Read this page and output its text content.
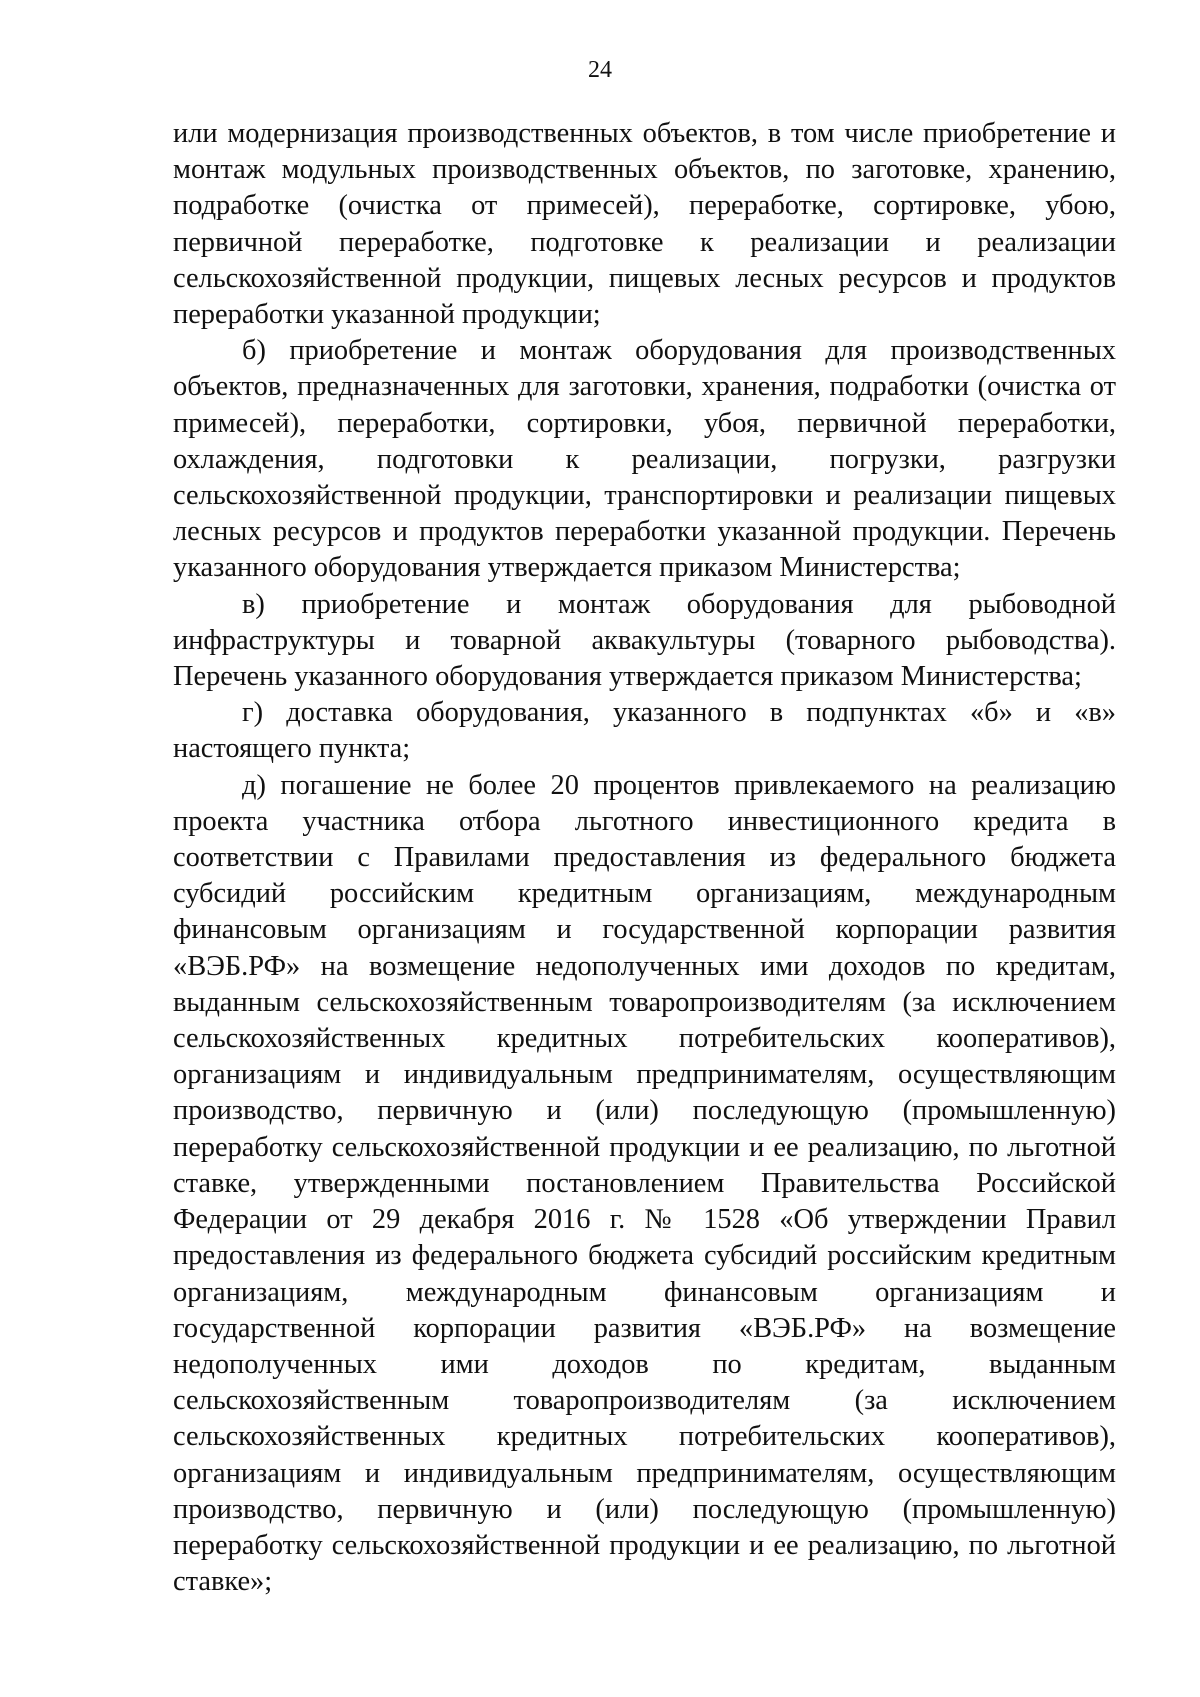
24

или модернизация производственных объектов, в том числе приобретение и монтаж модульных производственных объектов, по заготовке, хранению, подработке (очистка от примесей), переработке, сортировке, убою, первичной переработке, подготовке к реализации и реализации сельскохозяйственной продукции, пищевых лесных ресурсов и продуктов переработки указанной продукции;

б) приобретение и монтаж оборудования для производственных объектов, предназначенных для заготовки, хранения, подработки (очистка от примесей), переработки, сортировки, убоя, первичной переработки, охлаждения, подготовки к реализации, погрузки, разгрузки сельскохозяйственной продукции, транспортировки и реализации пищевых лесных ресурсов и продуктов переработки указанной продукции. Перечень указанного оборудования утверждается приказом Министерства;

в) приобретение и монтаж оборудования для рыбоводной инфраструктуры и товарной аквакультуры (товарного рыбоводства). Перечень указанного оборудования утверждается приказом Министерства;

г) доставка оборудования, указанного в подпунктах «б» и «в» настоящего пункта;

д) погашение не более 20 процентов привлекаемого на реализацию проекта участника отбора льготного инвестиционного кредита в соответствии с Правилами предоставления из федерального бюджета субсидий российским кредитным организациям, международным финансовым организациям и государственной корпорации развития «ВЭБ.РФ» на возмещение недополученных ими доходов по кредитам, выданным сельскохозяйственным товаропроизводителям (за исключением сельскохозяйственных кредитных потребительских кооперативов), организациям и индивидуальным предпринимателям, осуществляющим производство, первичную и (или) последующую (промышленную) переработку сельскохозяйственной продукции и ее реализацию, по льготной ставке, утвержденными постановлением Правительства Российской Федерации от 29 декабря 2016 г. № 1528 «Об утверждении Правил предоставления из федерального бюджета субсидий российским кредитным организациям, международным финансовым организациям и государственной корпорации развития «ВЭБ.РФ» на возмещение недополученных ими доходов по кредитам, выданным сельскохозяйственным товаропроизводителям (за исключением сельскохозяйственных кредитных потребительских кооперативов), организациям и индивидуальным предпринимателям, осуществляющим производство, первичную и (или) последующую (промышленную) переработку сельскохозяйственной продукции и ее реализацию, по льготной ставке»;
